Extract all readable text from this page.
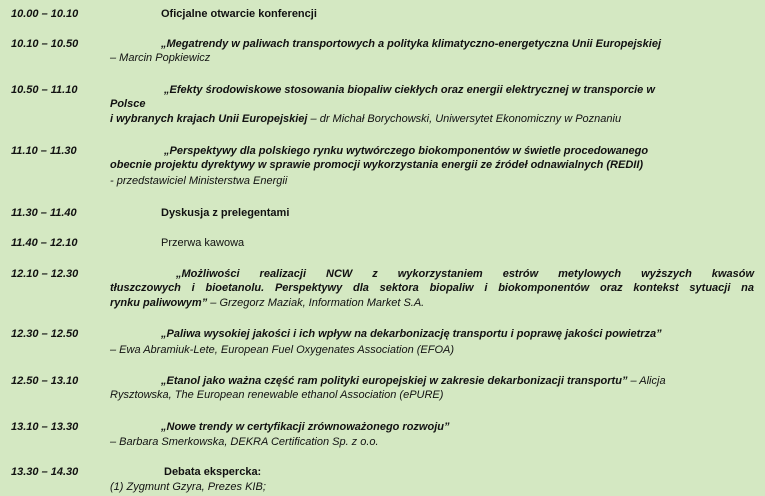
10.00 – 10.10	Oficjalne otwarcie konferencji
10.10 – 10.50	„Megatrendy w paliwach transportowych a polityka klimatyczno-energetyczna Unii Europejskiej
– Marcin Popkiewicz
10.50 – 11.10	„Efekty środowiskowe stosowania biopaliw ciekłych oraz energii elektrycznej w transporcie w
Polsce
i wybranych krajach Unii Europejskiej – dr Michał Borychowski, Uniwersytet Ekonomiczny w Poznaniu
11.10 – 11.30	„Perspektywy dla polskiego rynku wytwórczego biokomponentów w świetle procedowanego
obecnie projektu dyrektywy w sprawie promocji wykorzystania energii ze źródeł odnawialnych (REDII)
- przedstawiciel Ministerstwa Energii
11.30 – 11.40	Dyskusja z prelegentami
11.40 – 12.10	Przerwa kawowa
12.10 – 12.30	„Możliwości realizacji NCW z wykorzystaniem estrów metylowych wyższych kwasów
tłuszczowych i bioetanolu. Perspektywy dla sektora biopaliw i biokomponentów oraz kontekst sytuacji na
rynku paliwowym” – Grzegorz Maziak, Information Market S.A.
12.30 – 12.50	„Paliwa wysokiej jakości i ich wpływ na dekarbonizację transportu i poprawę jakości powietrza”
– Ewa Abramiuk-Lete, European Fuel Oxygenates Association (EFOA)
12.50 – 13.10	„Etanol jako ważna część ram polityki europejskiej w zakresie dekarbonizacji transportu” – Alicja
Rysztowska, The European renewable ethanol Association (ePURE)
13.10 – 13.30	„Nowe trendy w certyfikacji zrównoważonego rozwoju”
– Barbara Smerkowska, DEKRA Certification Sp. z o.o.
13.30 – 14.30	Debata ekspercka:
(1) Zygmunt Gzyra, Prezes KIB;
